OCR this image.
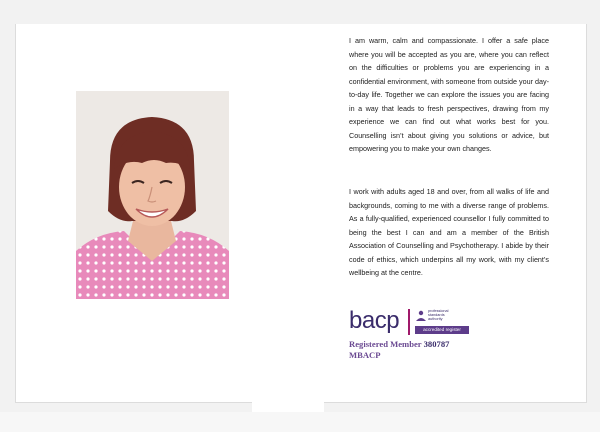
I am warm, calm and compassionate. I offer a safe place where you will be accepted as you are, where you can reflect on the difficulties or problems you are experiencing in a confidential environment, with someone from outside your day-to-day life. Together we can explore the issues you are facing in a way that leads to fresh perspectives, drawing from my experience we can find out what works best for you. Counselling isn’t about giving you solutions or advice, but empowering you to make your own changes.

I work with adults aged 18 and over, from all walks of life and backgrounds, coming to me with a diverse range of problems. As a fully-qualified, experienced counsellor I fully committed to being the best I can and am a member of the British Association of Counselling and Psychotherapy. I abide by their code of ethics, which underpins all my work, with my client’s wellbeing at the centre.

bacp	professional
standards
authority
accredited register
Registered Member 380787
MBACP
